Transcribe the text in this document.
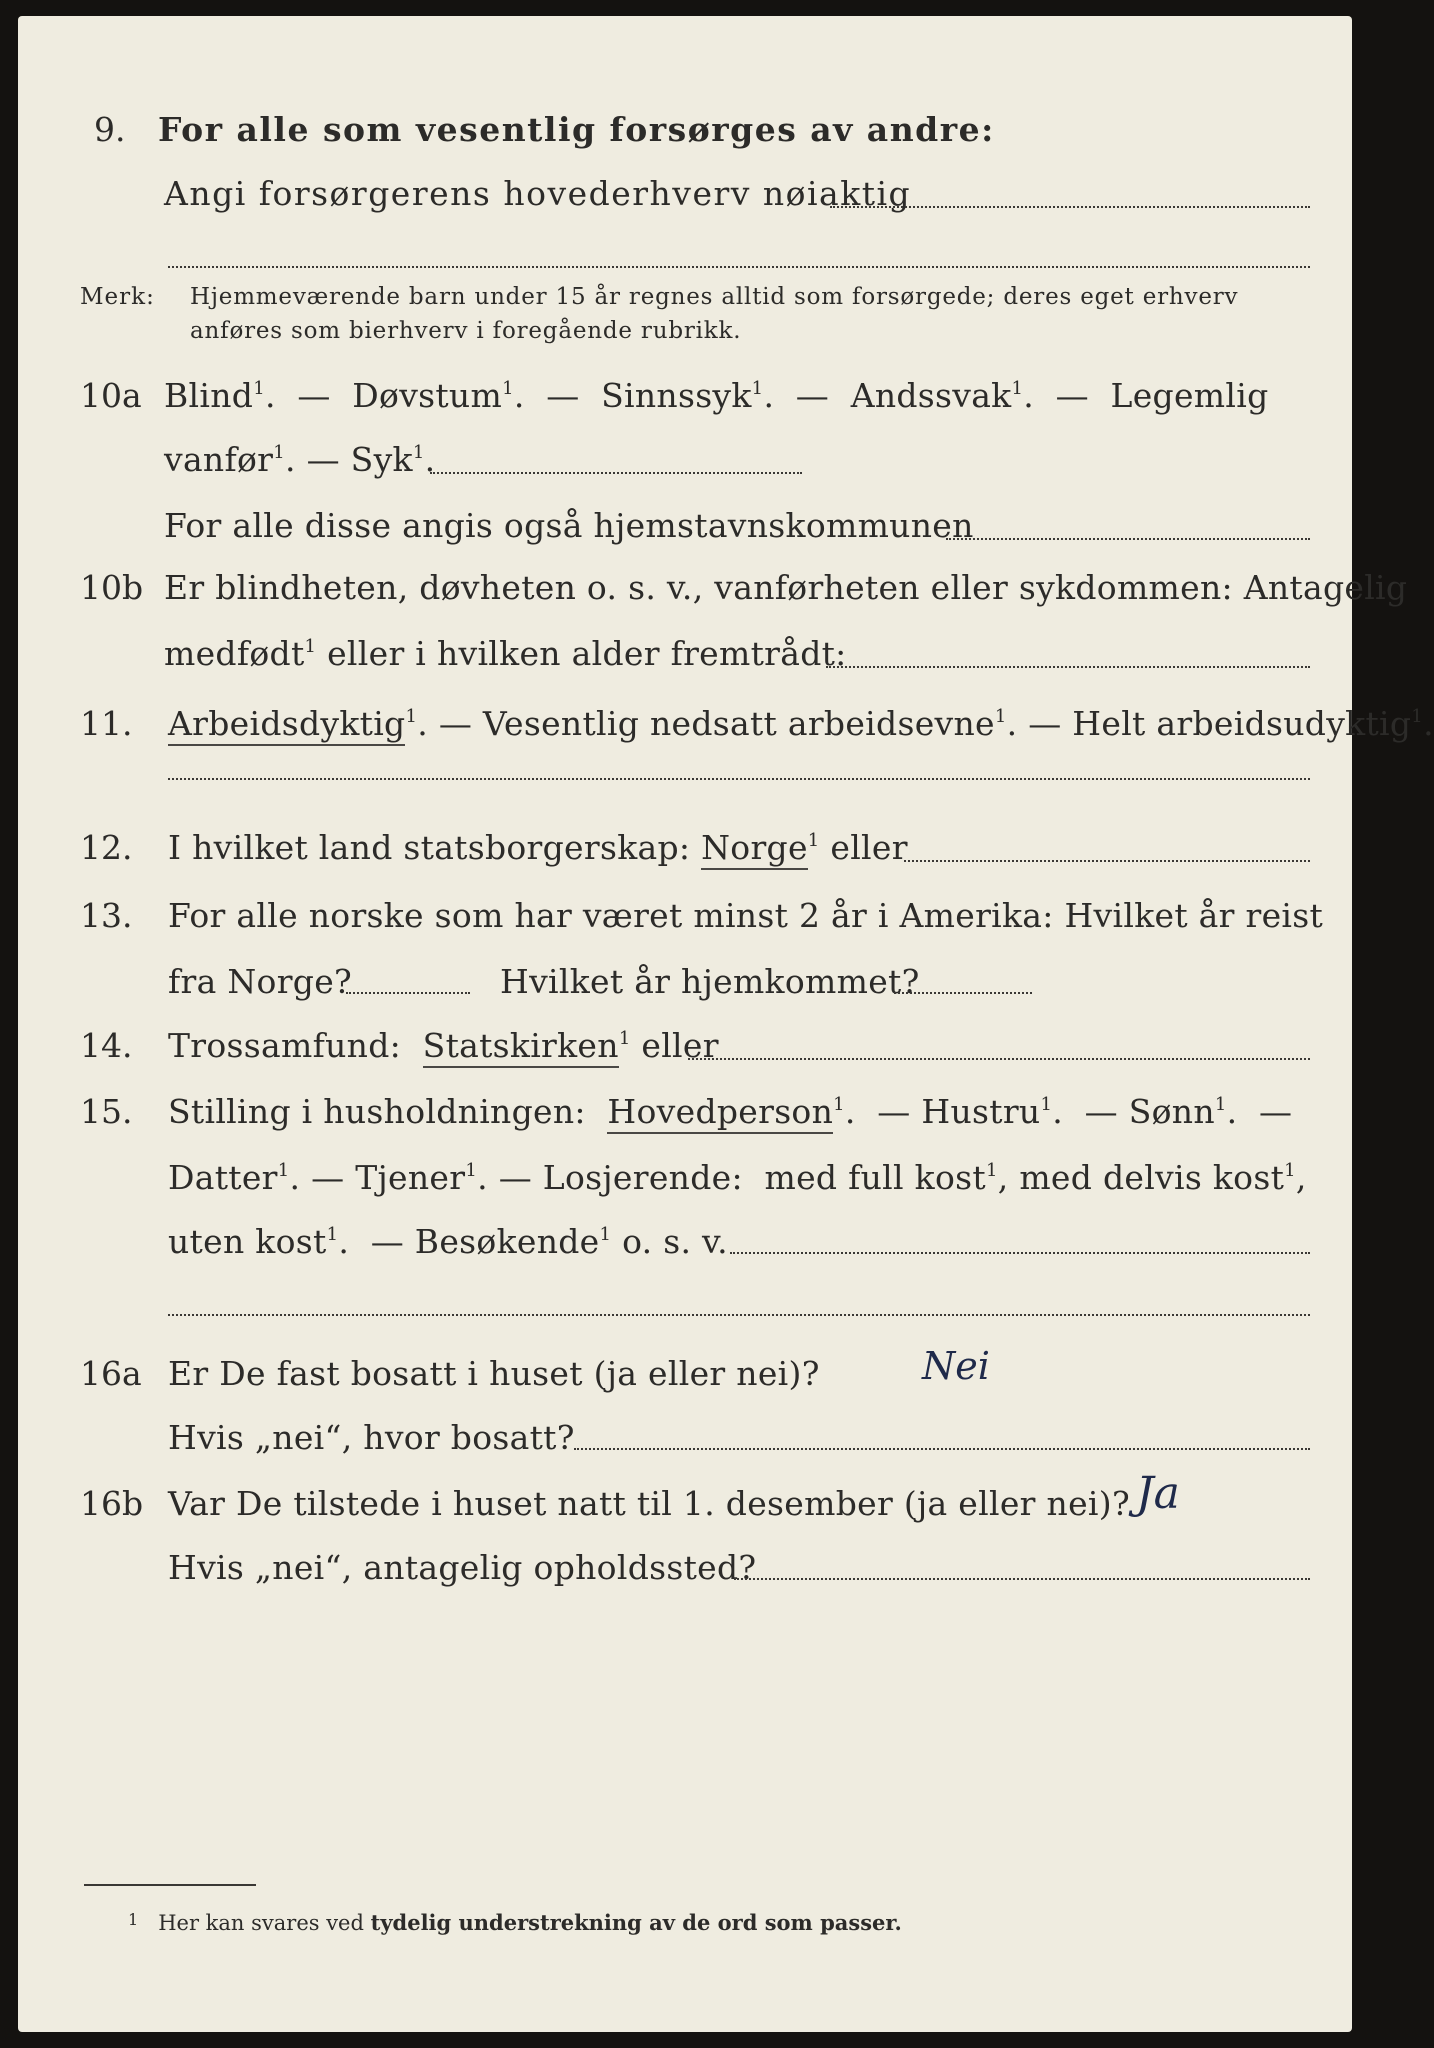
9. For alle som vesentlig forsørges av andre:
Angi forsørgerens hovederhverv nøiaktig
Merk: Hjemmeværende barn under 15 år regnes alltid som forsørgede; deres eget erhverv
anføres som bierhverv i foregående rubrikk.
10a Blind$^1$.  —  Døvstum$^1$.  —  Sinnssyk$^1$.  —  Andssvak$^1$.  —  Legemlig
vanfør$^1$. — Syk$^1$.
For alle disse angis også hjemstavnskommunen
10b Er blindheten, døvheten o. s. v., vanførheten eller sykdommen: Antagelig
medfødt$^1$ eller i hvilken alder fremtrådt:
11. Arbeidsdyktig$^1$. — Vesentlig nedsatt arbeidsevne$^1$. — Helt arbeidsudyktig$^1$.
12. I hvilket land statsborgerskap: Norge$^1$ eller
13. For alle norske som har været minst 2 år i Amerika: Hvilket år reist
fra Norge?	Hvilket år hjemkommet?
14. Trossamfund: Statskirken$^1$ eller
15. Stilling i husholdningen: Hovedperson$^1$.  — Hustru$^1$.  — Sønn$^1$.  —
Datter$^1$. — Tjener$^1$. — Losjerende: med full kost$^1$, med delvis kost$^1$,
uten kost$^1$.  — Besøkende$^1$ o. s. v.
16a Er De fast bosatt i huset (ja eller nei)?	Nei
Hvis „nei“, hvor bosatt?
16b Var De tilstede i huset natt til 1. desember (ja eller nei)? Ja
Hvis „nei“, antagelig opholdssted?
$^1$ Her kan svares ved tydelig understrekning av de ord som passer.
